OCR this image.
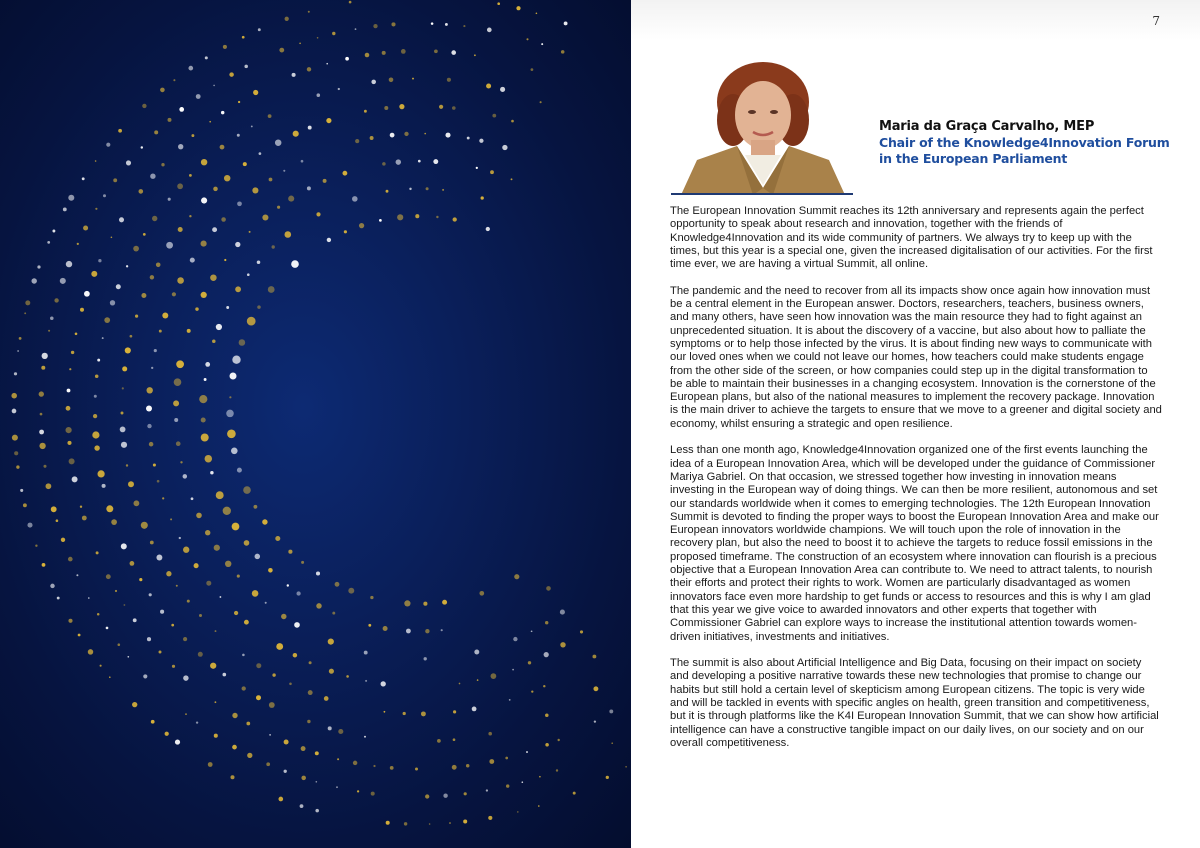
7
Maria da Graça Carvalho, MEP
Chair of the Knowledge4Innovation Forum in the European Parliament

The European Innovation Summit reaches its 12th anniversary and represents again the perfect opportunity to speak about research and innovation, together with the friends of Knowledge4Innovation and its wide community of partners. We always try to keep up with the times, but this year is a special one, given the increased digitalisation of our activities. For the first time ever, we are having a virtual Summit, all online.

The pandemic and the need to recover from all its impacts show once again how innovation must be a central element in the European answer. Doctors, researchers, teachers, business owners, and many others, have seen how innovation was the main resource they had to fight against an unprecedented situation. It is about the discovery of a vaccine, but also about how to palliate the symptoms or to help those infected by the virus. It is about finding new ways to communicate with our loved ones when we could not leave our homes, how teachers could make students engage from the other side of the screen, or how companies could step up in the digital transformation to be able to maintain their businesses in a changing ecosystem. Innovation is the cornerstone of the European plans, but also of the national measures to implement the recovery package. Innovation is the main driver to achieve the targets to ensure that we move to a greener and digital society and economy, whilst ensuring a strategic and open resilience.

Less than one month ago, Knowledge4Innovation organized one of the first events launching the idea of a European Innovation Area, which will be developed under the guidance of Commissioner Mariya Gabriel. On that occasion, we stressed together how investing in innovation means investing in the European way of doing things. We can then be more resilient, autonomous and set our standards worldwide when it comes to emerging technologies. The 12th European Innovation Summit is devoted to finding the proper ways to boost the European Innovation Area and make our European innovators worldwide champions. We will touch upon the role of innovation in the recovery plan, but also the need to boost it to achieve the targets to reduce fossil emissions in the proposed timeframe. The construction of an ecosystem where innovation can flourish is a precious objective that a European Innovation Area can contribute to. We need to attract talents, to nourish their efforts and protect their rights to work. Women are particularly disadvantaged as women innovators face even more hardship to get funds or access to resources and this is why I am glad that this year we give voice to awarded innovators and other experts that together with Commissioner Gabriel can explore ways to increase the institutional attention towards women-driven initiatives, investments and initiatives.

The summit is also about Artificial Intelligence and Big Data, focusing on their impact on society and developing a positive narrative towards these new technologies that promise to change our habits but still hold a certain level of skepticism among European citizens. The topic is very wide and will be tackled in events with specific angles on health, green transition and competitiveness, but it is through platforms like the K4I European Innovation Summit, that we can show how artificial intelligence can have a constructive tangible impact on our daily lives, on our society and on our overall competitiveness.
